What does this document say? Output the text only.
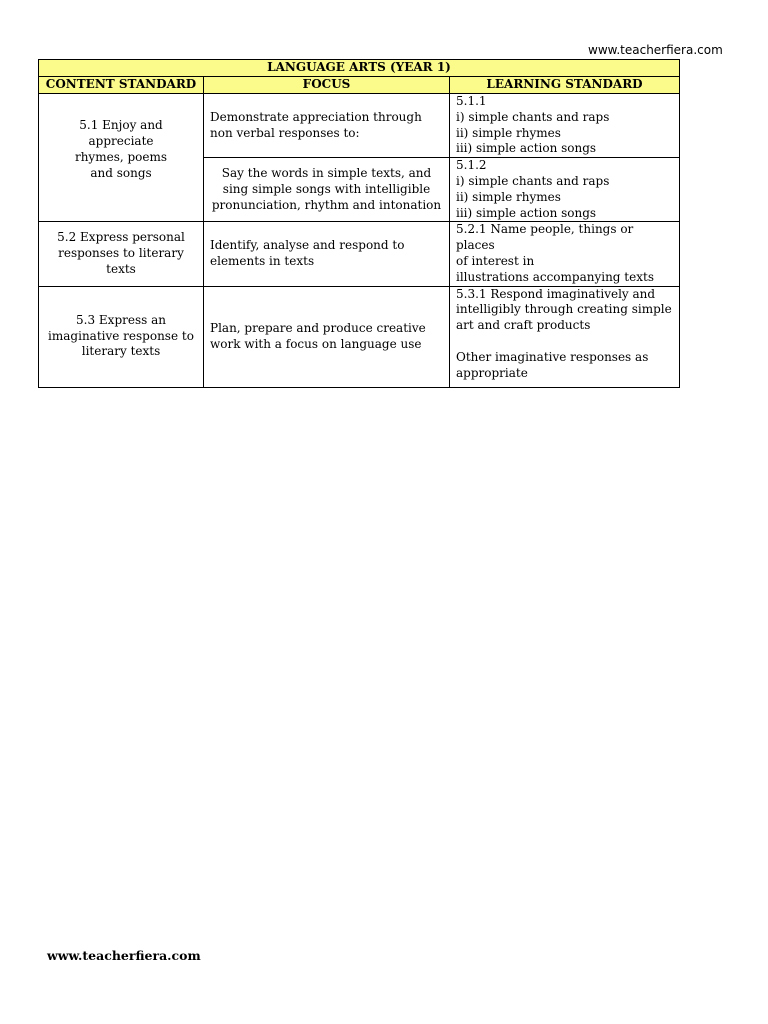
www.teacherfiera.com
LANGUAGE ARTS (YEAR 1)		
CONTENT STANDARD	FOCUS	LEARNING STANDARD

5.1 Enjoy and appreciate
rhymes, poems
and songs	Demonstrate appreciation through
non verbal responses to:	5.1.1
i) simple chants and raps
ii) simple rhymes
iii) simple action songs

	Say the words in simple texts, and
sing simple songs with intelligible
pronunciation, rhythm and intonation	5.1.2
i) simple chants and raps
ii) simple rhymes
iii) simple action songs

5.2 Express personal
responses to literary
texts	Identify, analyse and respond to
elements in texts	5.2.1 Name people, things or places
of interest in
illustrations accompanying texts

5.3 Express an
imaginative response to
literary texts	Plan, prepare and produce creative
work with a focus on language use	5.3.1 Respond imaginatively and
intelligibly through creating simple
art and craft products
Other imaginative responses as
appropriate
www.teacherfiera.com
